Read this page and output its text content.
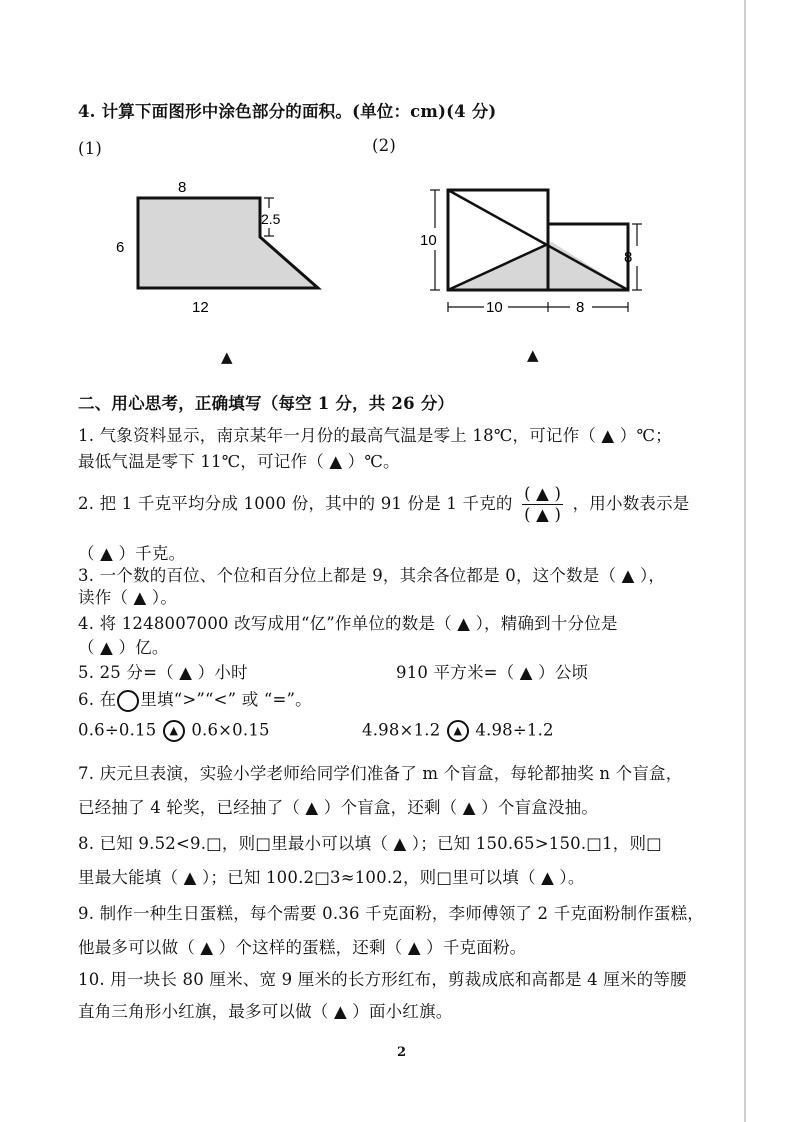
4. 计算下面图形中涂色部分的面积。(单位：cm)(4 分)
(1)	(2)
8
6
12
2.5
10
8
10	8
▲	▲
二、用心思考，正确填写（每空 1 分，共 26 分）
1. 气象资料显示，南京某年一月份的最高气温是零上 18℃，可记作（ ▲ ）℃；
最低气温是零下 11℃，可记作（ ▲ ）℃。
2. 把 1 千克平均分成 1000 份，其中的 91 份是 1 千克的 $\frac{( ▲ )}{( ▲ )}$ ，用小数表示是
（ ▲ ）千克。
3. 一个数的百位、个位和百分位上都是 9，其余各位都是 0，这个数是（ ▲ ），
读作（ ▲ ）。
4. 将 1248007000 改写成用“亿”作单位的数是（ ▲ ），精确到十分位是
（ ▲ ）亿。
5. 25 分=（ ▲ ）小时	910 平方米=（ ▲ ）公顷
6. 在 里填“>”“<” 或 “=”。
0.6÷0.15 ▲ 0.6×0.15	4.98×1.2 ▲ 4.98÷1.2
7. 庆元旦表演，实验小学老师给同学们准备了 m 个盲盒，每轮都抽奖 n 个盲盒，
已经抽了 4 轮奖，已经抽了（ ▲ ）个盲盒，还剩（ ▲ ）个盲盒没抽。
8. 已知 9.52<9.□，则□里最小可以填（ ▲ ）；已知 150.65>150.□1，则□
里最大能填（ ▲ ）；已知 100.2□3≈100.2，则□里可以填（ ▲ ）。
9. 制作一种生日蛋糕，每个需要 0.36 千克面粉，李师傅领了 2 千克面粉制作蛋糕，
他最多可以做（ ▲ ）个这样的蛋糕，还剩（ ▲ ）千克面粉。
10. 用一块长 80 厘米、宽 9 厘米的长方形红布，剪裁成底和高都是 4 厘米的等腰
直角三角形小红旗，最多可以做（ ▲ ）面小红旗。
2
